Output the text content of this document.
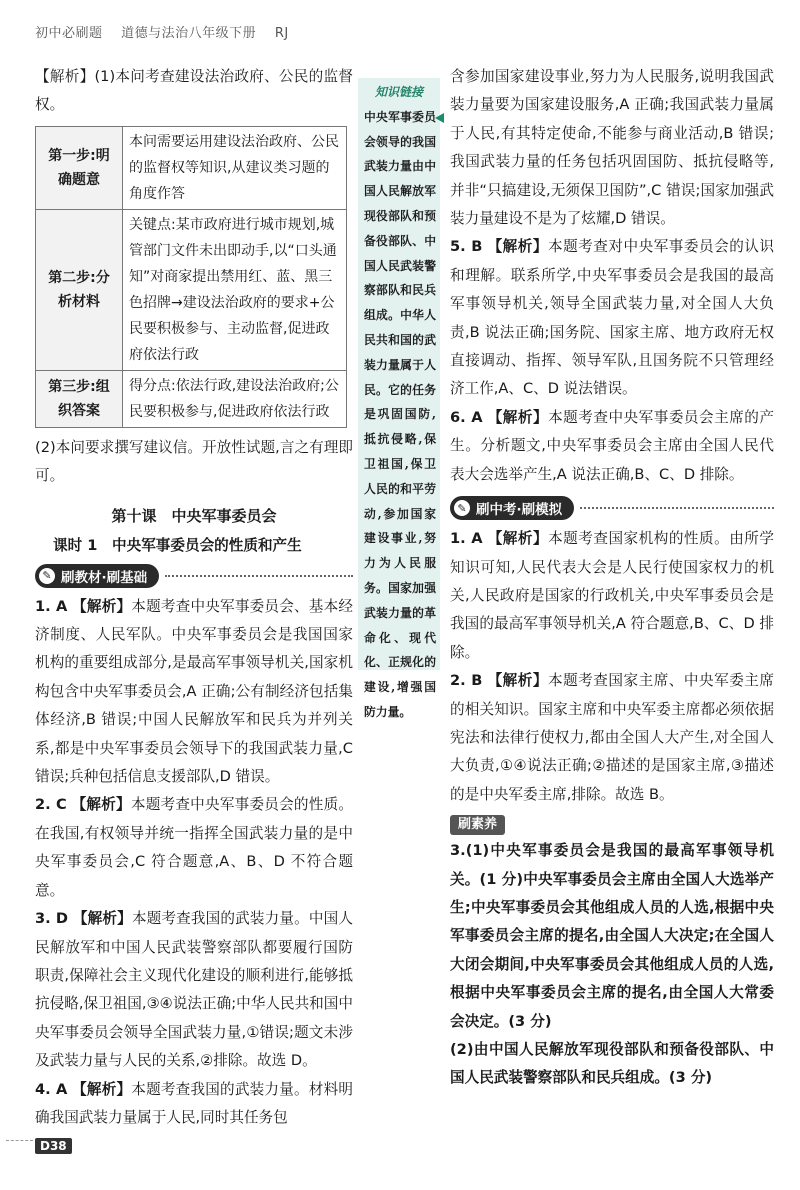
初中必刷题 道德与法治八年级下册 RJ

【解析】(1)本问考查建设法治政府、公民的监督权。

第一步:明确题意	本问需要运用建设法治政府、公民的监督权等知识,从建议类习题的角度作答
第二步:分析材料	关键点:某市政府进行城市规划,城管部门文件未出即动手,以“口头通知”对商家提出禁用红、蓝、黑三色招牌→建设法治政府的要求+公民要积极参与、主动监督,促进政府依法行政
第三步:组织答案	得分点:依法行政,建设法治政府;公民要积极参与,促进政府依法行政

(2)本问要求撰写建议信。开放性试题,言之有理即可。

第十课　中央军事委员会
课时 1　中央军事委员会的性质和产生
✎ 刷教材·刷基础

1. A 【解析】本题考查中央军事委员会、基本经济制度、人民军队。中央军事委员会是我国国家机构的重要组成部分,是最高军事领导机关,国家机构包含中央军事委员会,A 正确;公有制经济包括集体经济,B 错误;中国人民解放军和民兵为并列关系,都是中央军事委员会领导下的我国武装力量,C 错误;兵种包括信息支援部队,D 错误。

2. C 【解析】本题考查中央军事委员会的性质。在我国,有权领导并统一指挥全国武装力量的是中央军事委员会,C 符合题意,A、B、D 不符合题意。

3. D 【解析】本题考查我国的武装力量。中国人民解放军和中国人民武装警察部队都要履行国防职责,保障社会主义现代化建设的顺利进行,能够抵抗侵略,保卫祖国,③④说法正确;中华人民共和国中央军事委员会领导全国武装力量,①错误;题文未涉及武装力量与人民的关系,②排除。故选 D。

4. A 【解析】本题考查我国的武装力量。材料明确我国武装力量属于人民,同时其任务包

知识链接
中央军事委员会领导的我国武装力量由中国人民解放军现役部队和预备役部队、中国人民武装警察部队和民兵组成。中华人民共和国的武装力量属于人民。它的任务是巩固国防,抵抗侵略,保卫祖国,保卫人民的和平劳动,参加国家建设事业,努力为人民服务。国家加强武装力量的革命化、现代化、正规化的建设,增强国防力量。

含参加国家建设事业,努力为人民服务,说明我国武装力量要为国家建设服务,A 正确;我国武装力量属于人民,有其特定使命,不能参与商业活动,B 错误;我国武装力量的任务包括巩固国防、抵抗侵略等,并非“只搞建设,无须保卫国防”,C 错误;国家加强武装力量建设不是为了炫耀,D 错误。

5. B 【解析】本题考查对中央军事委员会的认识和理解。联系所学,中央军事委员会是我国的最高军事领导机关,领导全国武装力量,对全国人大负责,B 说法正确;国务院、国家主席、地方政府无权直接调动、指挥、领导军队,且国务院不只管理经济工作,A、C、D 说法错误。

6. A 【解析】本题考查中央军事委员会主席的产生。分析题文,中央军事委员会主席由全国人民代表大会选举产生,A 说法正确,B、C、D 排除。

✎ 刷中考·刷模拟

1. A 【解析】本题考查国家机构的性质。由所学知识可知,人民代表大会是人民行使国家权力的机关,人民政府是国家的行政机关,中央军事委员会是我国的最高军事领导机关,A 符合题意,B、C、D 排除。

2. B 【解析】本题考查国家主席、中央军委主席的相关知识。国家主席和中央军委主席都必须依据宪法和法律行使权力,都由全国人大产生,对全国人大负责,①④说法正确;②描述的是国家主席,③描述的是中央军委主席,排除。故选 B。

刷素养

3.(1)中央军事委员会是我国的最高军事领导机关。(1 分)中央军事委员会主席由全国人大选举产生;中央军事委员会其他组成人员的人选,根据中央军事委员会主席的提名,由全国人大决定;在全国人大闭会期间,中央军事委员会其他组成人员的人选,根据中央军事委员会主席的提名,由全国人大常委会决定。(3 分)

(2)由中国人民解放军现役部队和预备役部队、中国人民武装警察部队和民兵组成。(3 分)

D38
